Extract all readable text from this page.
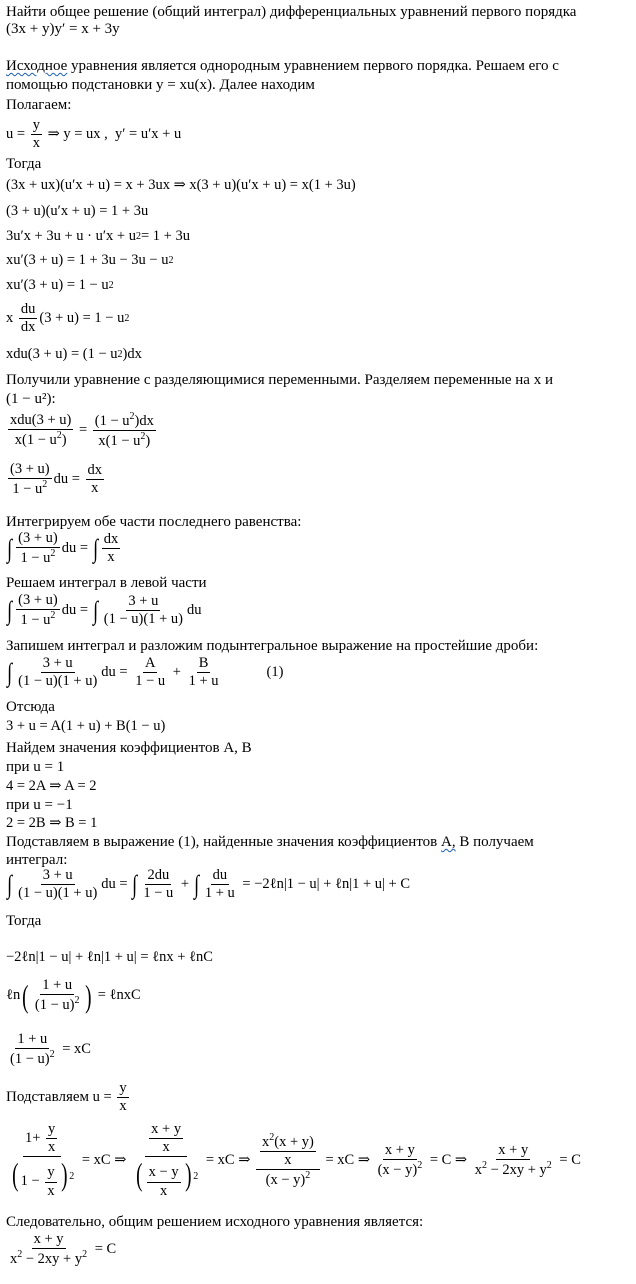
Найти общее решение (общий интеграл) дифференциальных уравнений первого порядка
(3x + y)y′ = x + 3y
Исходное уравнения является однородным уравнением первого порядка. Решаем его с
помощью подстановки y = xu(x). Далее находим
Полагаем:
$u = \frac{y}{x}$ ⇒ y = ux ,  y′ = u′x + u
Тогда
(3x + ux)(u′x + u) = x + 3ux ⇒ x(3 + u)(u′x + u) = x(1 + 3u)
(3 + u)(u′x + u) = 1 + 3u
3u′x + 3u + u · u′x + u 2 = 1 + 3u
xu′(3 + u) = 1 + 3u − 3u − u 2
xu′(3 + u) = 1 − u 2
x $\frac{du}{dx} (3 + u) = 1 - u$ 2
xdu(3 + u) = (1 − u 2 )dx
Получили уравнение с разделяющимися переменными. Разделяем переменные на x и
(1 − u²):
$\frac{\text{xdu(3 + u)}}{x(1 - u^2)} = \frac{(1 - u^2)dx}{x(1 - u^2)}$
$\frac{(3 + u)}{1 - u^2}$ du = $\frac{dx}{x}$
Интегрируем обе части последнего равенства:
∫ $\frac{(3 + u)}{1 - u^2}$ du = ∫ $\frac{dx}{x}$
Решаем интеграл в левой части
∫ $\frac{(3 + u)}{1 - u^2}$ du = ∫ $\frac{3 + u}{(1 - u)(1 + u)}$ du
Запишем интеграл и разложим подынтегральное выражение на простейшие дроби:
∫ $\frac{3 + u}{(1 - u)(1 + u)}$ du = $\frac{A}{1 - u} + \frac{B}{1 + u}$	(1)
Отсюда
3 + u = A(1 + u) + B(1 − u)
Найдем значения коэффициентов A, B
при u = 1
4 = 2A ⇒ A = 2
при u = −1
2 = 2B ⇒ B = 1
Подставляем в выражение (1), найденные значения коэффициентов A, B получаем
интеграл:
∫ $\frac{3 + u}{(1 - u)(1 + u)}$ du = ∫ $\frac{2du}{1 - u}$ + ∫ $\frac{du}{1 + u}$ = −2ℓn|1 − u| + ℓn|1 + u| + C
Тогда
−2ℓn|1 − u| + ℓn|1 + u| = ℓnx + ℓnC
ℓn ( $\frac{1 + u}{(1 - u)^2}$ ) = ℓnxC
$\frac{1 + u}{(1 - u)^2}$ = xC
Подставляем $u = \frac{y}{x}$
$\frac{1+ \frac{y}{x}}{( 1 - \frac{y}{x} ) ^2}$ = xC ⇒ $\frac{\frac{x + y}{x}}{( \frac{x - y}{x} ) ^2}$ = xC ⇒ $\frac{\frac{x^2(x + y)}{x}}{(x - y)^2}$ = xC ⇒ $\frac{x + y}{(x - y)^2} = C$ ⇒ $\frac{x + y}{x^2 - 2xy + y^2} = C$
Следовательно, общим решением исходного уравнения является:
$\frac{x + y}{x^2 - 2xy + y^2} = C$
